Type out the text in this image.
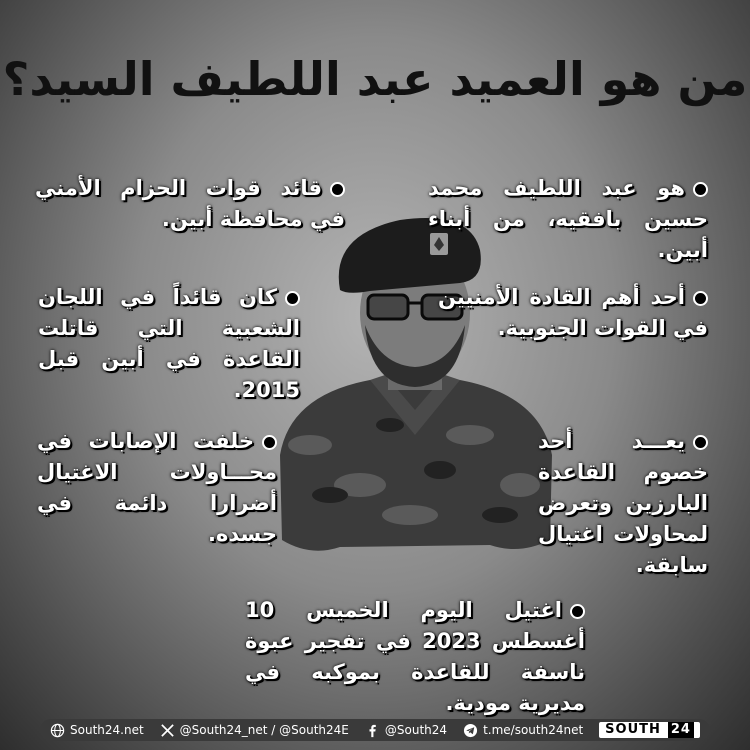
من هو العميد عبد اللطيف السيد؟
هو عبد اللطيف محمد حسين بافقيه، من أبناء أبين.
أحد أهم القادة الأمنيين في القوات الجنوبية.
يعـــد أحد خصوم القاعدة البارزين وتعرض لمحاولات اغتيال سابقة.
قائد قوات الحزام الأمني في محافظة أبين.
كان قائداً في اللجان الشعبية التي قاتلت القاعدة في أبين قبل 2015.
خلفت الإصابات في محـــاولات الاغتيال أضرارا دائمة في جسده.
اغتيل اليوم الخميس 10 أغسطس 2023 في تفجير عبوة ناسفة للقاعدة بموكبه في مديرية مودية.
South24.net	@South24_net / @South24E	@South24	t.me/south24net SOUTH 24
